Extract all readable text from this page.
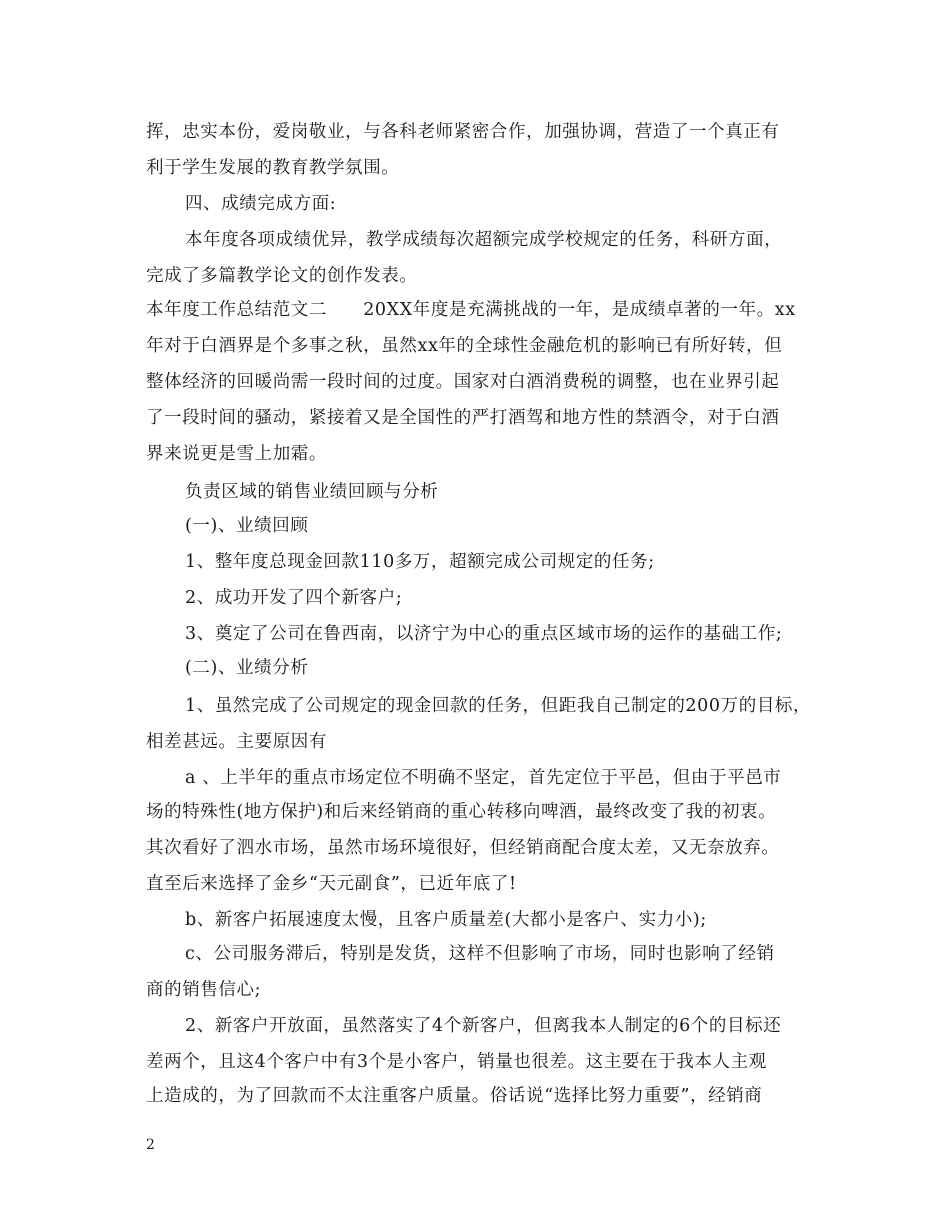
挥，忠实本份，爱岗敬业，与各科老师紧密合作，加强协调，营造了一个真正有
利于学生发展的教育教学氛围。
四、成绩完成方面:
本年度各项成绩优异，教学成绩每次超额完成学校规定的任务，科研方面，
完成了多篇教学论文的创作发表。
本年度工作总结范文二　　20XX年度是充满挑战的一年，是成绩卓著的一年。xx
年对于白酒界是个多事之秋，虽然xx年的全球性金融危机的影响已有所好转，但
整体经济的回暖尚需一段时间的过度。国家对白酒消费税的调整，也在业界引起
了一段时间的骚动，紧接着又是全国性的严打酒驾和地方性的禁酒令，对于白酒
界来说更是雪上加霜。
负责区域的销售业绩回顾与分析
(一)、业绩回顾
1、整年度总现金回款110多万，超额完成公司规定的任务;
2、成功开发了四个新客户;
3、奠定了公司在鲁西南，以济宁为中心的重点区域市场的运作的基础工作;
(二)、业绩分析
1、虽然完成了公司规定的现金回款的任务，但距我自己制定的200万的目标，
相差甚远。主要原因有
a 、上半年的重点市场定位不明确不坚定，首先定位于平邑，但由于平邑市
场的特殊性(地方保护)和后来经销商的重心转移向啤酒，最终改变了我的初衷。
其次看好了泗水市场，虽然市场环境很好，但经销商配合度太差，又无奈放弃。
直至后来选择了金乡“天元副食”，已近年底了!
b、新客户拓展速度太慢，且客户质量差(大都小是客户、实力小);
c、公司服务滞后，特别是发货，这样不但影响了市场，同时也影响了经销
商的销售信心;
2、新客户开放面，虽然落实了4个新客户，但离我本人制定的6个的目标还
差两个，且这4个客户中有3个是小客户，销量也很差。这主要在于我本人主观
上造成的，为了回款而不太注重客户质量。俗话说“选择比努力重要”，经销商
2
